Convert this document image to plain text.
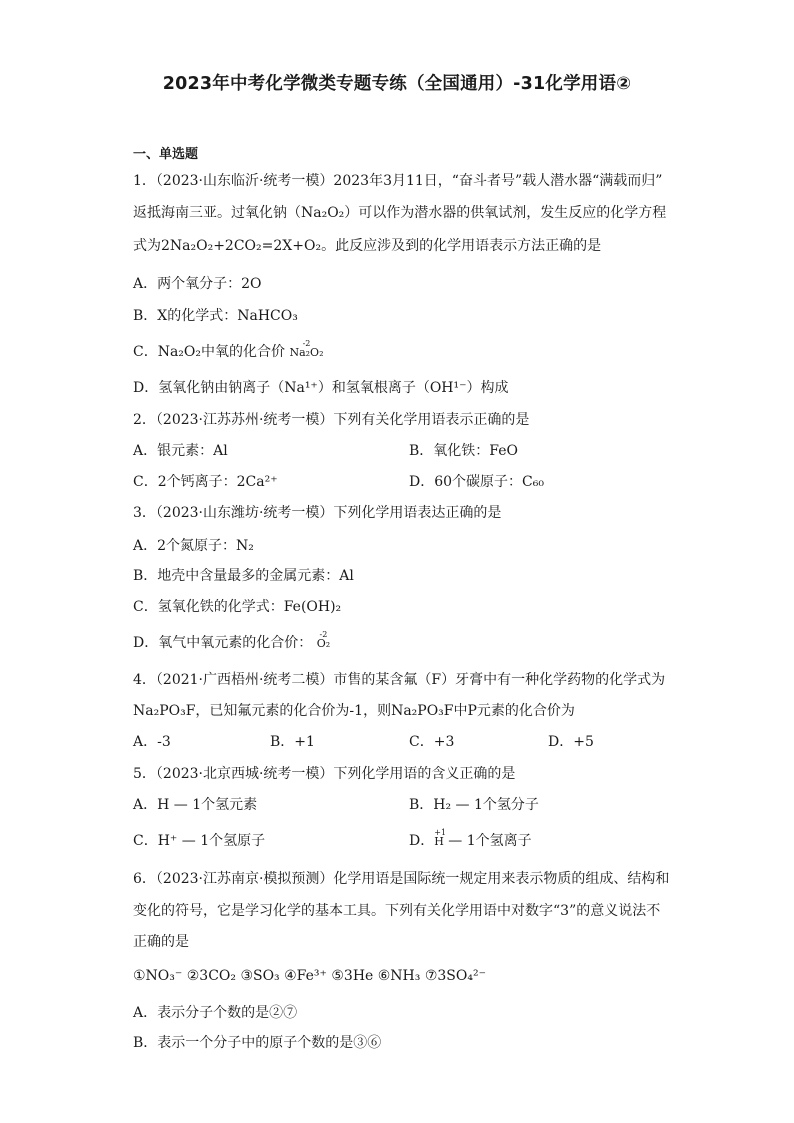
2023年中考化学微类专题专练（全国通用）-31化学用语②
一、单选题
1．（2023·山东临沂·统考一模）2023年3月11日，“奋斗者号”载人潜水器“满载而归”
返抵海南三亚。过氧化钠（Na₂O₂）可以作为潜水器的供氧试剂，发生反应的化学方程
式为2Na₂O₂+2CO₂=2X+O₂。此反应涉及到的化学用语表示方法正确的是
A．两个氧分子：2O
B．X的化学式：NaHCO₃
C．Na₂O₂中氧的化合价
-2
Na₂O₂
D．氢氧化钠由钠离子（Na¹⁺）和氢氧根离子（OH¹⁻）构成
2．（2023·江苏苏州·统考一模）下列有关化学用语表示正确的是
A．银元素：Al	B．氧化铁：FeO
C．2个钙离子：2Ca²⁺	D．60个碳原子：C₆₀
3．（2023·山东潍坊·统考一模）下列化学用语表达正确的是
A．2个氮原子：N₂
B．地壳中含量最多的金属元素：Al
C．氢氧化铁的化学式：Fe(OH)₂
D．氧气中氧元素的化合价：
-2
O₂
4．（2021·广西梧州·统考二模）市售的某含氟（F）牙膏中有一种化学药物的化学式为
Na₂PO₃F，已知氟元素的化合价为-1，则Na₂PO₃F中P元素的化合价为
A．-3	B．+1	C．+3	D．+5
5．（2023·北京西城·统考一模）下列化学用语的含义正确的是
A．H — 1个氢元素	B．H₂ — 1个氢分子
C．H⁺ — 1个氢原子	D．
+1
H — 1个氢离子
6．（2023·江苏南京·模拟预测）化学用语是国际统一规定用来表示物质的组成、结构和
变化的符号，它是学习化学的基本工具。下列有关化学用语中对数字“3”的意义说法不
正确的是
①NO₃⁻ ②3CO₂ ③SO₃ ④Fe³⁺ ⑤3He ⑥NH₃ ⑦3SO₄²⁻
A．表示分子个数的是②⑦
B．表示一个分子中的原子个数的是③⑥
